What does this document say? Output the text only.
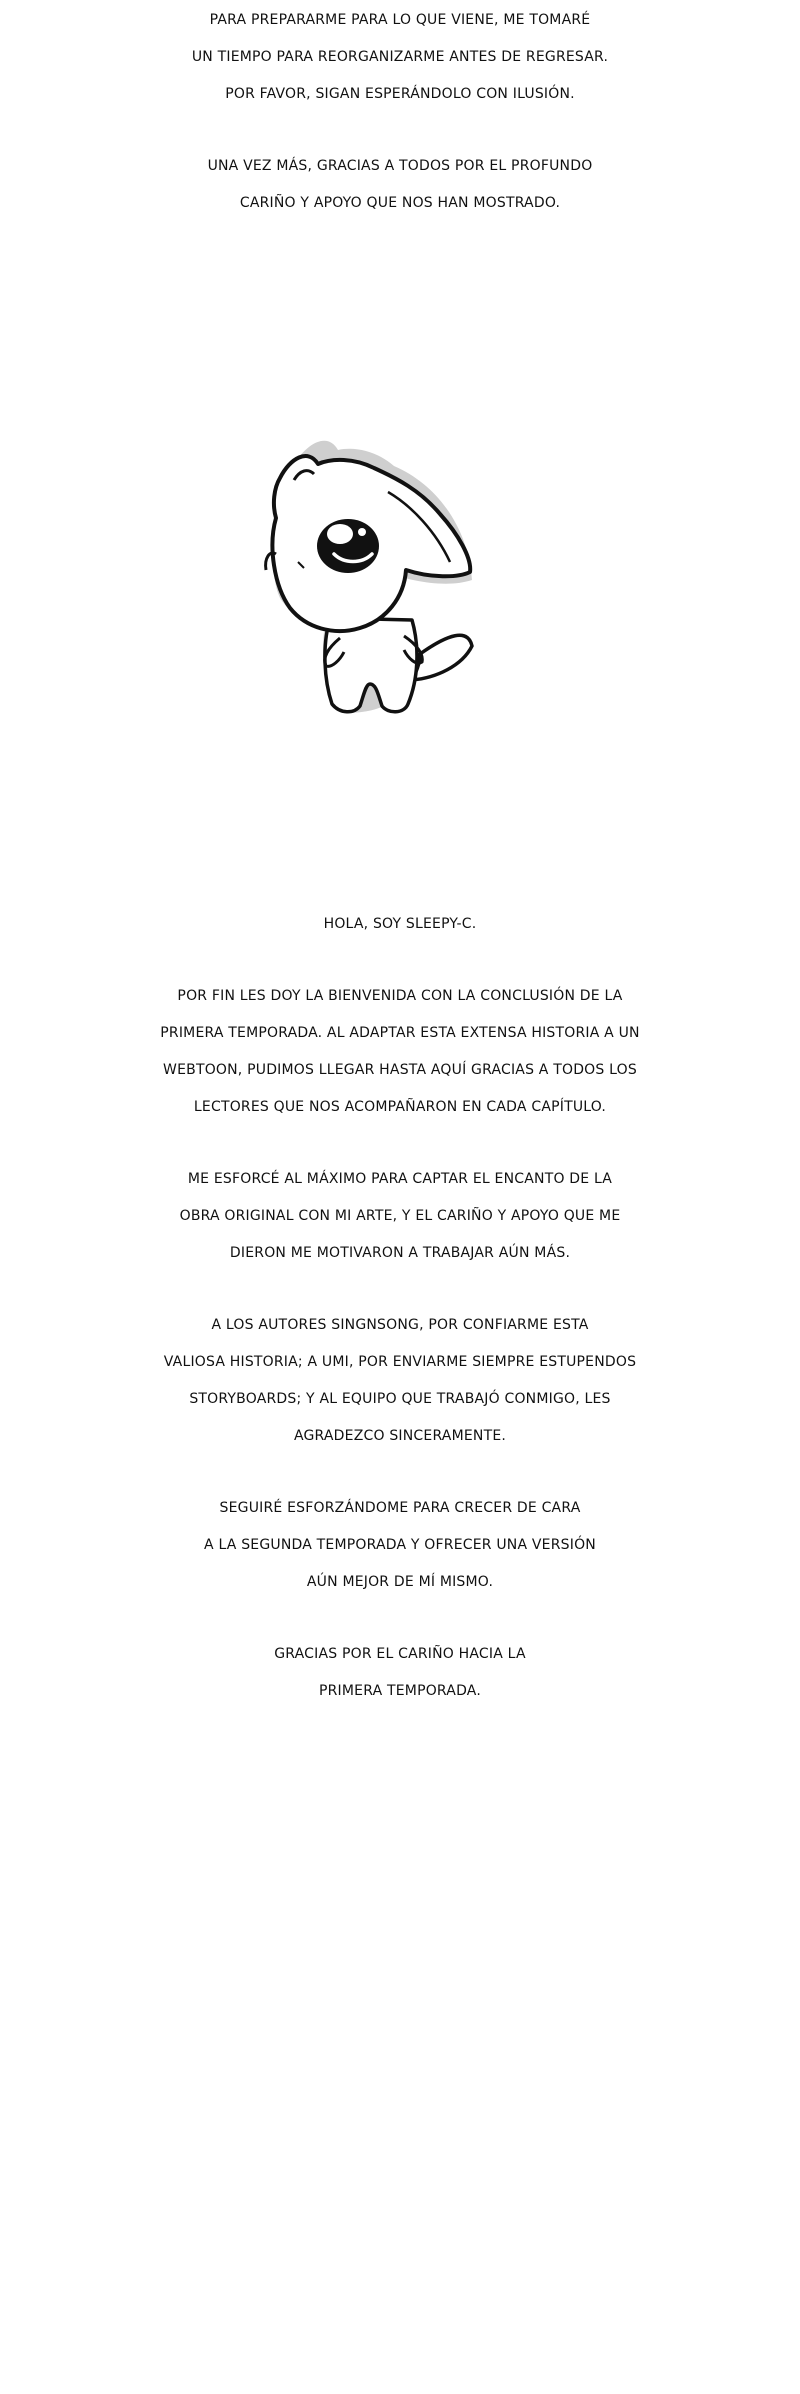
PARA PREPARARME PARA LO QUE VIENE, ME TOMARÉ
UN TIEMPO PARA REORGANIZARME ANTES DE REGRESAR.
POR FAVOR, SIGAN ESPERÁNDOLO CON ILUSIÓN.
UNA VEZ MÁS, GRACIAS A TODOS POR EL PROFUNDO
CARIÑO Y APOYO QUE NOS HAN MOSTRADO.
HOLA, SOY SLEEPY-C.
POR FIN LES DOY LA BIENVENIDA CON LA CONCLUSIÓN DE LA
PRIMERA TEMPORADA. AL ADAPTAR ESTA EXTENSA HISTORIA A UN
WEBTOON, PUDIMOS LLEGAR HASTA AQUÍ GRACIAS A TODOS LOS
LECTORES QUE NOS ACOMPAÑARON EN CADA CAPÍTULO.
ME ESFORCÉ AL MÁXIMO PARA CAPTAR EL ENCANTO DE LA
OBRA ORIGINAL CON MI ARTE, Y EL CARIÑO Y APOYO QUE ME
DIERON ME MOTIVARON A TRABAJAR AÚN MÁS.
A LOS AUTORES SINGNSONG, POR CONFIARME ESTA
VALIOSA HISTORIA; A UMI, POR ENVIARME SIEMPRE ESTUPENDOS
STORYBOARDS; Y AL EQUIPO QUE TRABAJÓ CONMIGO, LES
AGRADEZCO SINCERAMENTE.
SEGUIRÉ ESFORZÁNDOME PARA CRECER DE CARA
A LA SEGUNDA TEMPORADA Y OFRECER UNA VERSIÓN
AÚN MEJOR DE MÍ MISMO.
GRACIAS POR EL CARIÑO HACIA LA
PRIMERA TEMPORADA.
